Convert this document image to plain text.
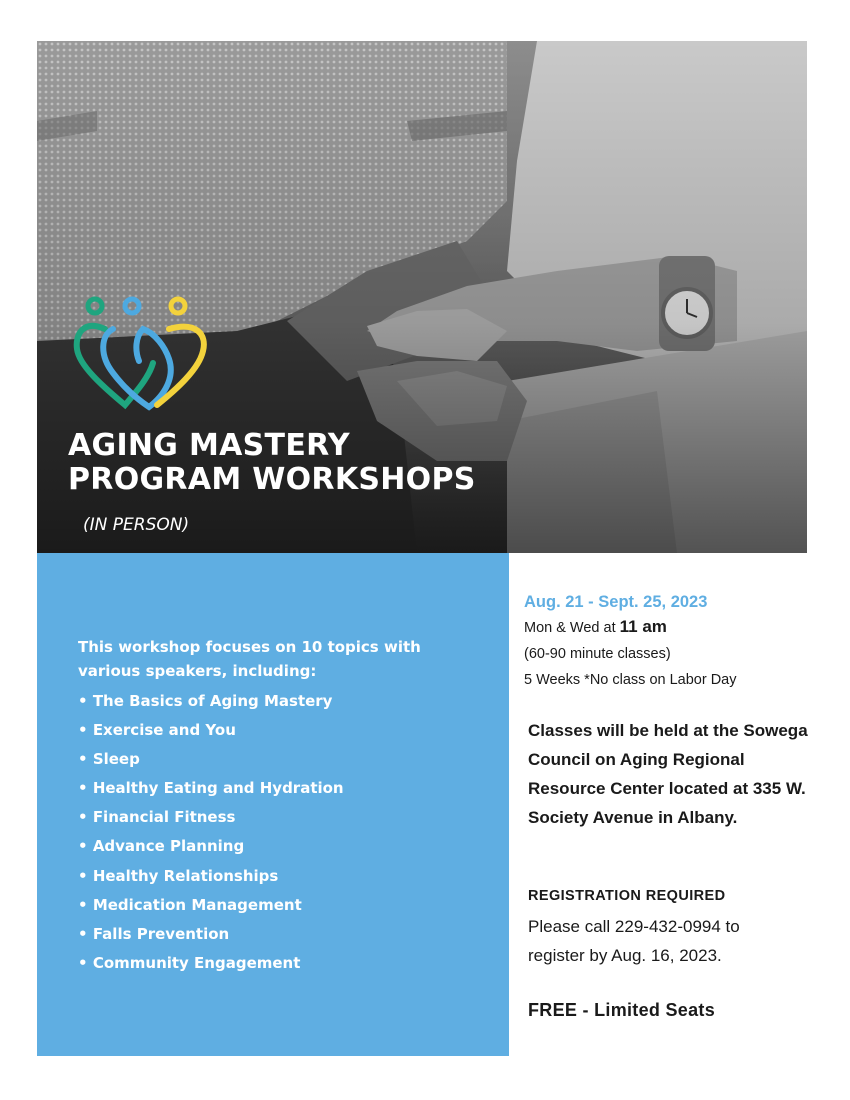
AGING MASTERY
PROGRAM WORKSHOPS
(IN PERSON)
This workshop focuses on 10 topics with various speakers, including:
• The Basics of Aging Mastery
• Exercise and You
• Sleep
• Healthy Eating and Hydration
• Financial Fitness
• Advance Planning
• Healthy Relationships
• Medication Management
• Falls Prevention
• Community Engagement

Aug. 21 - Sept. 25, 2023

Mon & Wed at 11 am

(60-90 minute classes)

5 Weeks *No class on Labor Day

Classes will be held at the Sowega Council on Aging Regional Resource Center located at 335 W. Society Avenue in Albany.

REGISTRATION REQUIRED

Please call 229-432-0994 to register by Aug. 16, 2023.

FREE - Limited Seats
